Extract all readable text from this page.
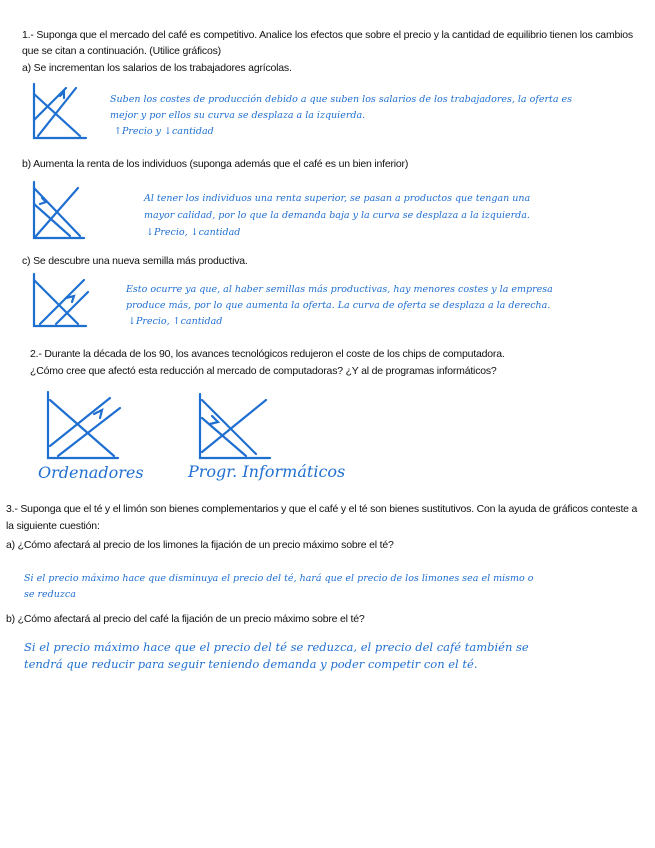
1.- Suponga que el mercado del café es competitivo. Analice los efectos que sobre el precio y la cantidad de equilibrio tienen los cambios
que se citan a continuación. (Utilice gráficos)
a) Se incrementan los salarios de los trabajadores agrícolas.
Suben los costes de producción debido a que suben los salarios de los trabajadores, la oferta es
mejor y por ellos su curva se desplaza a la izquierda.
↑Precio y ↓cantidad
b) Aumenta la renta de los individuos (suponga además que el café es un bien inferior)
Al tener los individuos una renta superior, se pasan a productos que tengan una
mayor calidad, por lo que la demanda baja y la curva se desplaza a la izquierda.
↓Precio, ↓cantidad
c) Se descubre una nueva semilla más productiva.
Esto ocurre ya que, al haber semillas más productivas, hay menores costes y la empresa
produce más, por lo que aumenta la oferta. La curva de oferta se desplaza a la derecha.
↓Precio, ↑cantidad
2.- Durante la década de los 90, los avances tecnológicos redujeron el coste de los chips de computadora.
¿Cómo cree que afectó esta reducción al mercado de computadoras? ¿Y al de programas informáticos?
Ordenadores	Progr. Informáticos
3.- Suponga que el té y el limón son bienes complementarios y que el café y el té son bienes sustitutivos. Con la ayuda de gráficos conteste a
la siguiente cuestión:
a) ¿Cómo afectará al precio de los limones la fijación de un precio máximo sobre el té?
Si el precio máximo hace que disminuya el precio del té, hará que el precio de los limones sea el mismo o
se reduzca
b) ¿Cómo afectará al precio del café la fijación de un precio máximo sobre el té?
Si el precio máximo hace que el precio del té se reduzca, el precio del café también se
tendrá que reducir para seguir teniendo demanda y poder competir con el té.
